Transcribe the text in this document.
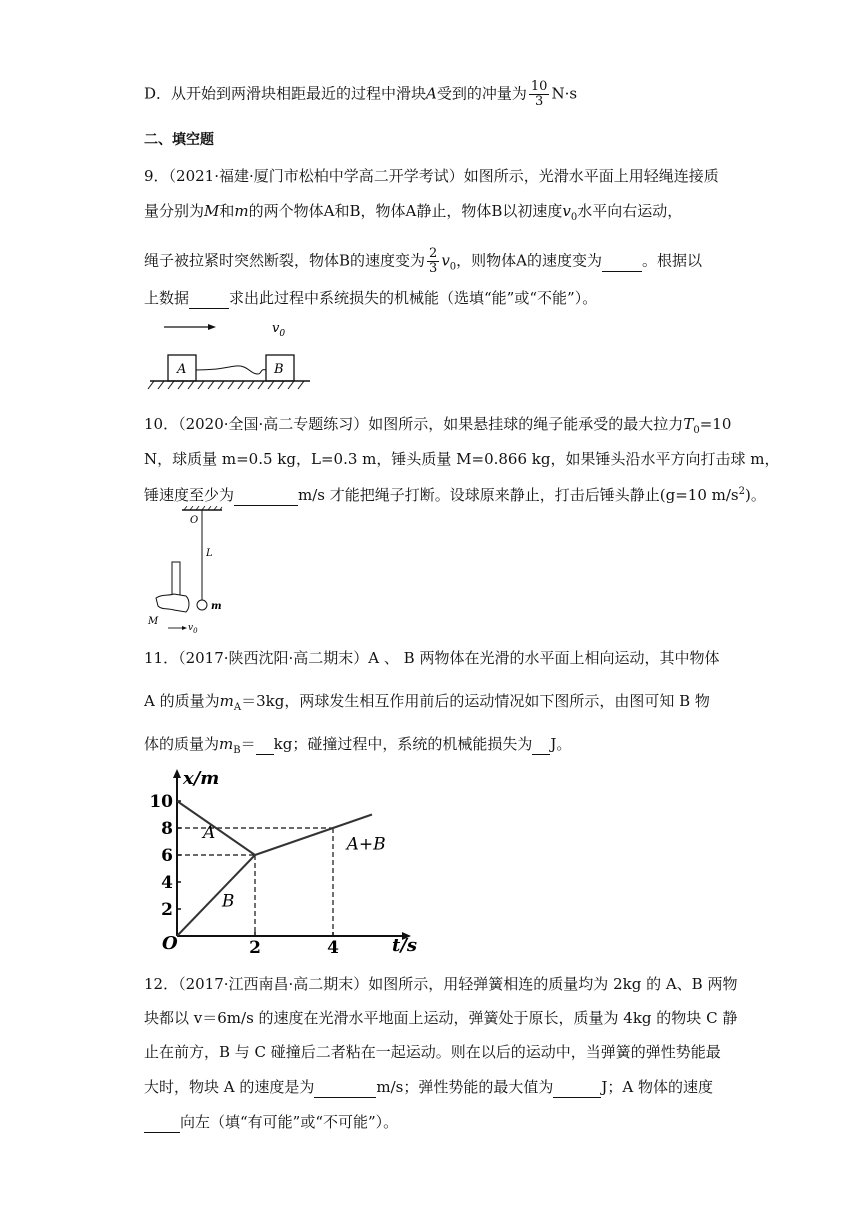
D．从开始到两滑块相距最近的过程中滑块A受到的冲量为 $\frac{10}{3} N\cdot s$
二、填空题
9．（2021·福建·厦门市松柏中学高二开学考试）如图所示，光滑水平面上用轻绳连接质
量分别为M和m的两个物体A和B，物体A静止，物体B以初速度$v_0$水平向右运动，
绳子被拉紧时突然断裂，物体B的速度变为 $\frac{2}{3} v_0$，则物体A的速度变为	。根据以
上数据	求出此过程中系统损失的机械能（选填“能”或“不能”）。
$v_0$
A	B
10．（2020·全国·高二专题练习）如图所示，如果悬挂球的绳子能承受的最大拉力$T_0=10$
N，球质量 m=0.5 kg，L=0.3 m，锤头质量 M=0.866 kg，如果锤头沿水平方向打击球 m，
锤速度至少为	m/s 才能把绳子打断。设球原来静止，打击后锤头静止(g=10 $m/s^2$)。
O
L
m
M
$v_0$
11．（2017·陕西沈阳·高二期末）A 、 B 两物体在光滑的水平面上相向运动，其中物体
A 的质量为$m_A=3kg$，两球发生相互作用前后的运动情况如下图所示，由图可知 B 物
体的质量为$m_B=$ kg；碰撞过程中，系统的机械能损失为 J。
x/m
t/s
O
2
4
6
8
10
2	4
A
B
A+B
12．（2017·江西南昌·高二期末）如图所示，用轻弹簧相连的质量均为 2kg 的 A、B 两物
块都以 v＝6m/s 的速度在光滑水平地面上运动，弹簧处于原长，质量为 4kg 的物块 C 静
止在前方，B 与 C 碰撞后二者粘在一起运动。则在以后的运动中，当弹簧的弹性势能最
大时，物块 A 的速度是为	m/s；弹性势能的最大值为	J；A 物体的速度
向左（填“有可能”或“不可能”）。
